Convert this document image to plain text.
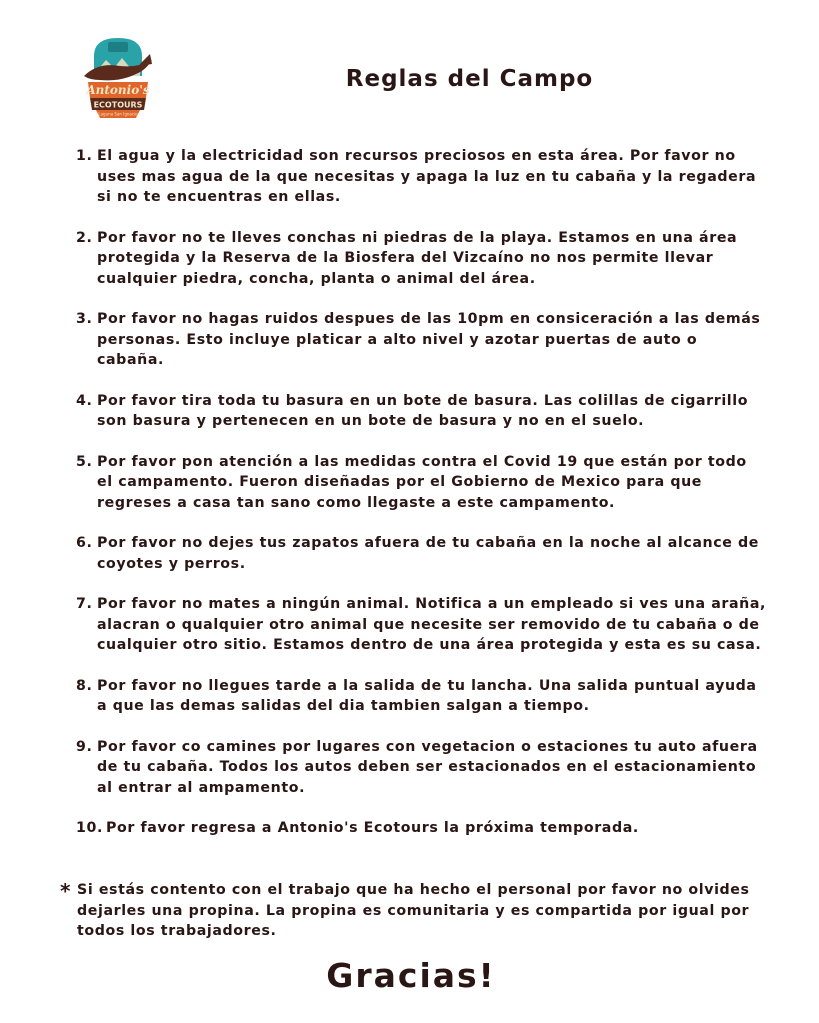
Antonio's
ECOTOURS
Laguna San Ignacio
Reglas del Campo
1. El agua y la electricidad son recursos preciosos en esta área. Por favor no uses mas agua de la que necesitas y apaga la luz en tu cabaña y la regadera si no te encuentras en ellas.
2. Por favor no te lleves conchas ni piedras de la playa. Estamos en una área protegida y la Reserva de la Biosfera del Vizcaíno no nos permite llevar cualquier piedra, concha, planta o animal del área.
3. Por favor no hagas ruidos despues de las 10pm en consiceración a las demás personas. Esto incluye platicar a alto nivel y azotar puertas de auto o cabaña.
4. Por favor tira toda tu basura en un bote de basura. Las colillas de cigarrillo son basura y pertenecen en un bote de basura y no en el suelo.
5. Por favor pon atención a las medidas contra el Covid 19 que están por todo el campamento. Fueron diseñadas por el Gobierno de Mexico para que regreses a casa tan sano como llegaste a este campamento.
6. Por favor no dejes tus zapatos afuera de tu cabaña en la noche al alcance de coyotes y perros.
7. Por favor no mates a ningún animal. Notifica a un empleado si ves una araña, alacran o qualquier otro animal que necesite ser removido de tu cabaña o de cualquier otro sitio. Estamos dentro de una área protegida y esta es su casa.
8. Por favor no llegues tarde a la salida de tu lancha. Una salida puntual ayuda a que las demas salidas del dia tambien salgan a tiempo.
9. Por favor co camines por lugares con vegetacion o estaciones tu auto afuera de tu cabaña. Todos los autos deben ser estacionados en el estacionamiento al entrar al ampamento.
10. Por favor regresa a Antonio's Ecotours la próxima temporada.
* Si estás contento con el trabajo que ha hecho el personal por favor no olvides dejarles una propina. La propina es comunitaria y es compartida por igual por todos los trabajadores.
Gracias!
